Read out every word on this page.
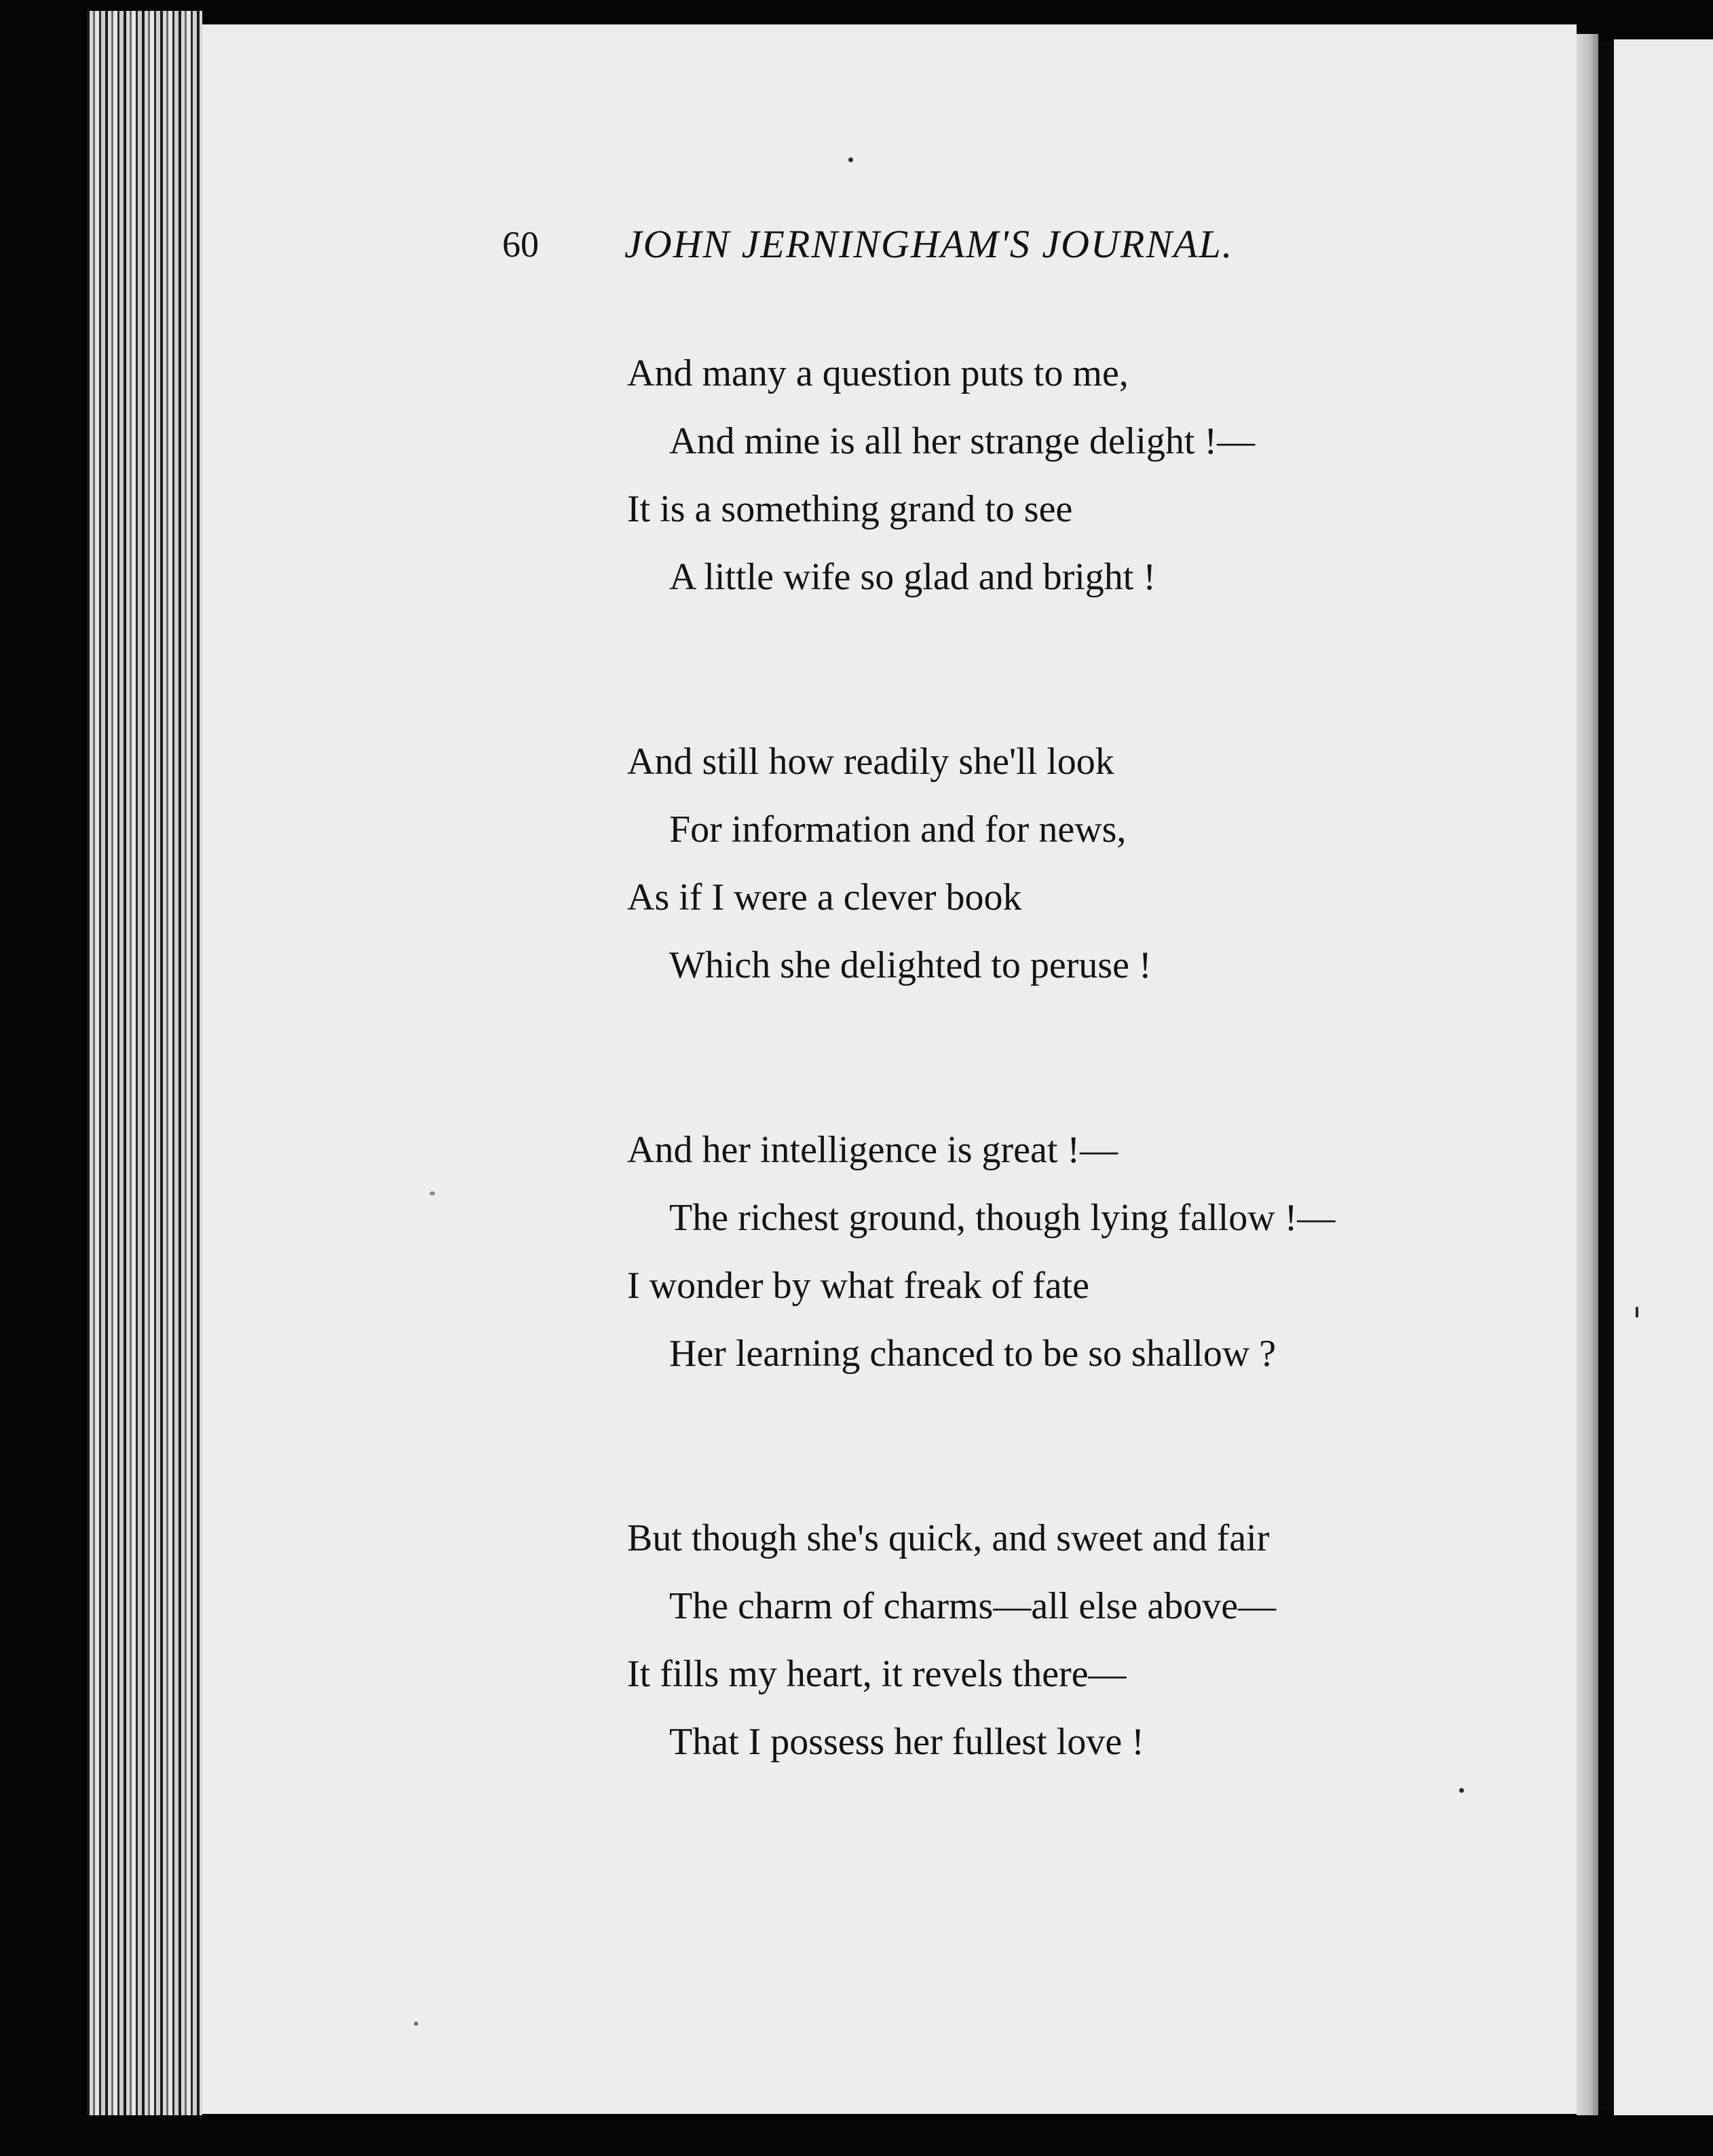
60 JOHN JERNINGHAM'S JOURNAL.
And many a question puts to me,
And mine is all her strange delight !—
It is a something grand to see
A little wife so glad and bright !
And still how readily she'll look
For information and for news,
As if I were a clever book
Which she delighted to peruse !
And her intelligence is great !—
The richest ground, though lying fallow !—
I wonder by what freak of fate
Her learning chanced to be so shallow ?
But though she's quick, and sweet and fair
The charm of charms—all else above—
It fills my heart, it revels there—
That I possess her fullest love !
